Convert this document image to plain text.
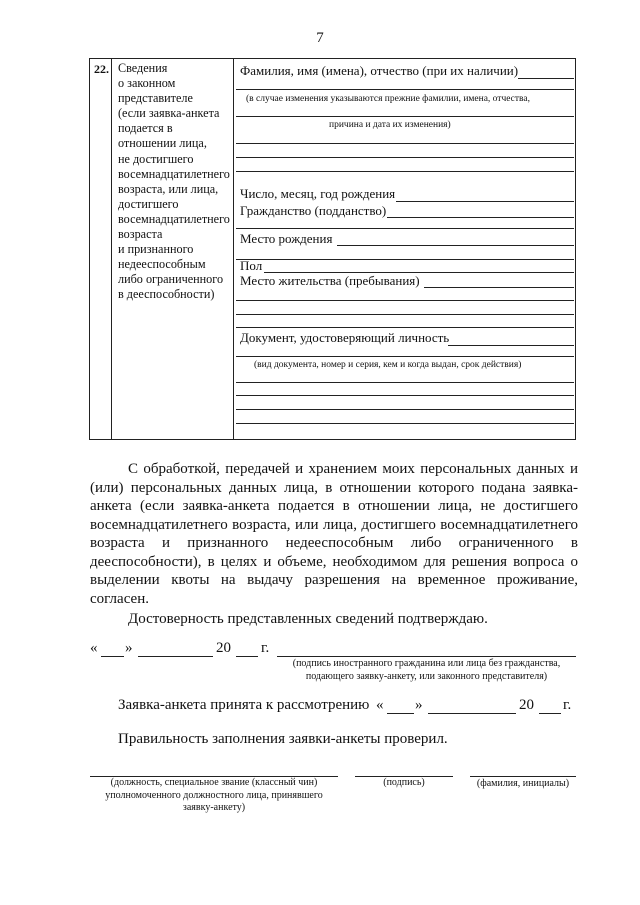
7
22. Сведения
о законном
представителе
(если заявка-анкета
подается в
отношении лица,
не достигшего
восемнадцатилетнего
возраста, или лица,
достигшего
восемнадцатилетнего
возраста
и признанного
недееспособным
либо ограниченного
в дееспособности)
Фамилия, имя (имена), отчество (при их наличии)
(в случае изменения указываются прежние фамилии, имена, отчества,
причина и дата их изменения)
Число, месяц, год рождения
Гражданство (подданство)
Место рождения
Пол
Место жительства (пребывания)
Документ, удостоверяющий личность
(вид документа, номер и серия, кем и когда выдан, срок действия)
С обработкой, передачей и хранением моих персональных данных и (или) персональных данных лица, в отношении которого подана заявка-анкета (если заявка-анкета подается в отношении лица, не достигшего восемнадцатилетнего возраста, или лица, достигшего восемнадцатилетнего возраста и признанного недееспособным либо ограниченного в дееспособности), в целях и объеме, необходимом для решения вопроса о выделении квоты на выдачу разрешения на временное проживание, согласен.
Достоверность представленных сведений подтверждаю.
« »	20 г.
(подпись иностранного гражданина или лица без гражданства,
подающего заявку-анкету, или законного представителя)
Заявка-анкета принята к рассмотрению « »	20 г.
Правильность заполнения заявки-анкеты проверил.
(должность, специальное звание (классный чин)
уполномоченного должностного лица, принявшего
заявку-анкету)
(подпись)	(фамилия, инициалы)
